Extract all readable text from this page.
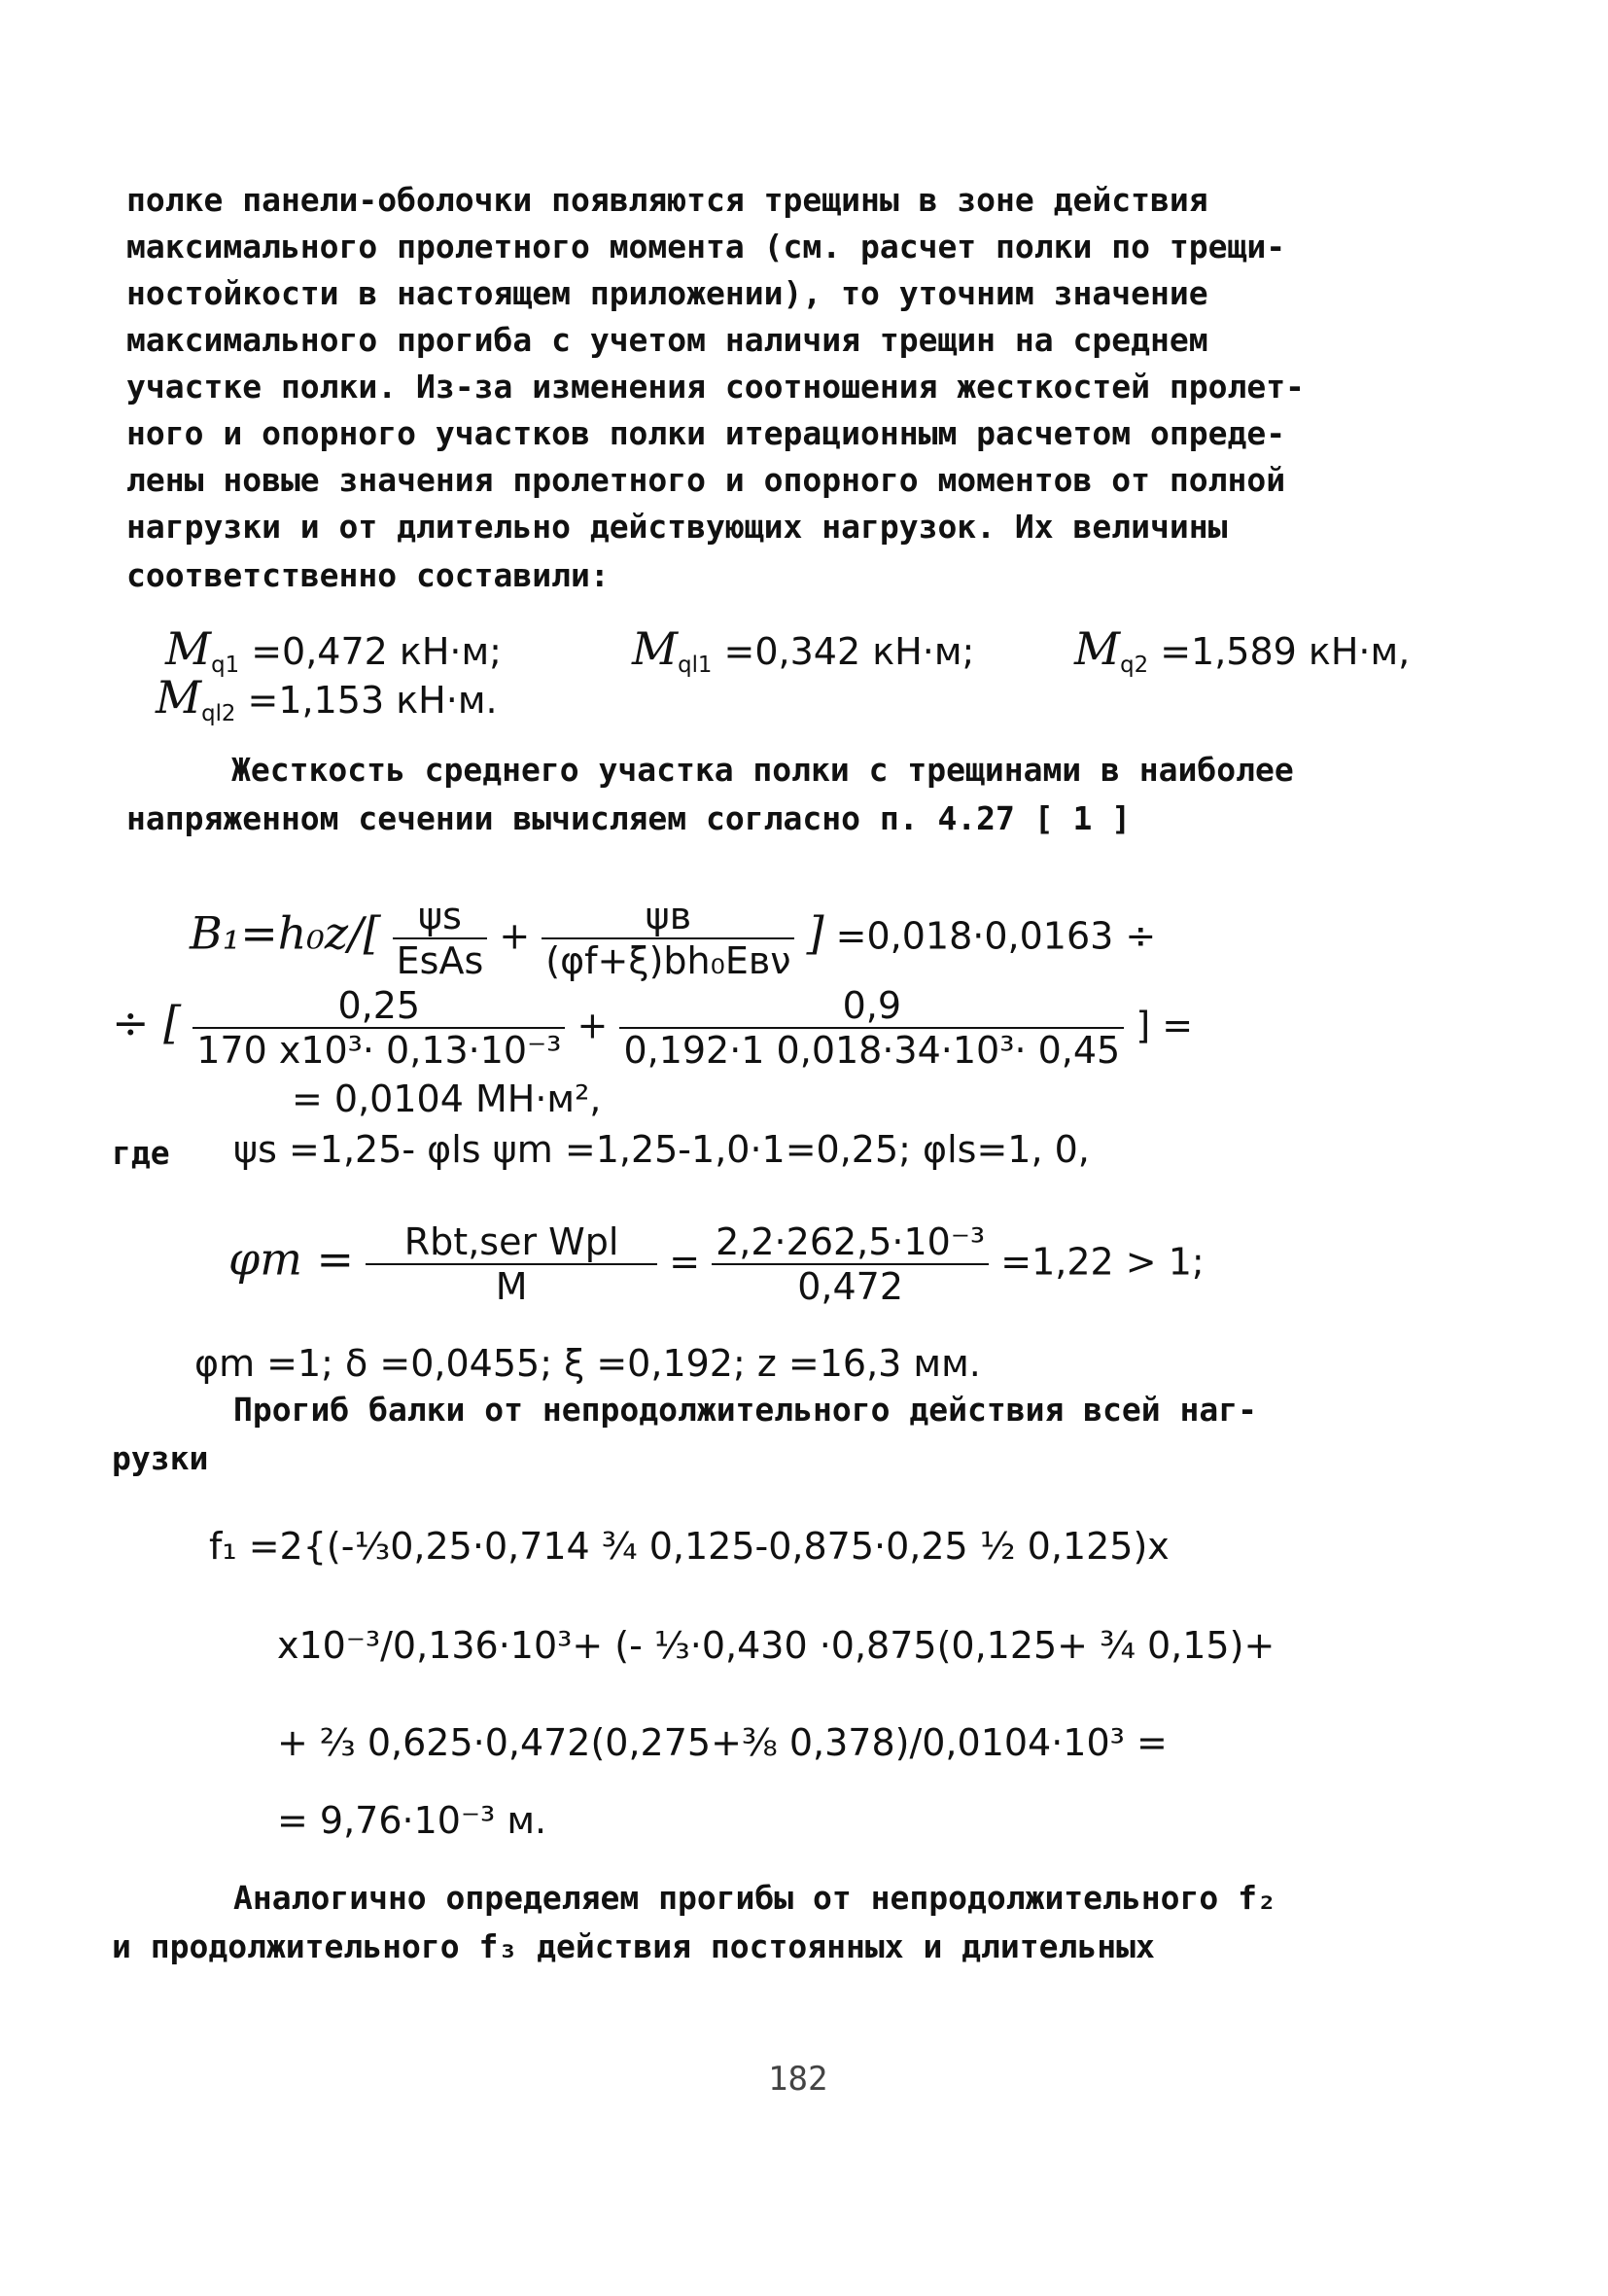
полке панели-оболочки появляются трещины в зоне действия
максимального пролетного момента (см. расчет полки по трещи-
ностойкости в настоящем приложении), то уточним значение
максимального прогиба с учетом наличия трещин на среднем
участке полки. Из-за изменения соотношения жесткостей пролет-
ного и опорного участков полки итерационным расчетом опреде-
лены новые значения пролетного и опорного моментов от полной
нагрузки и от длительно действующих нагрузок. Их величины
соответственно составили:
$M_{q1} =0,472$ кН·м;	$M_{ql1} =0,342$ кН·м; $M_{q2} =1,589$ кН·м,
$M_{ql2} =1,153$ кН·м.
Жесткость среднего участка полки с трещинами в наиболее
напряженном сечении вычисляем согласно п. 4.27 [ 1 ]
$B_1=h_0z/[ \frac{\psi s}{\text{EsAs}} + \frac{\psi в}{\text{(φf+ξ)bh₀Eвν}}$ ] =0,018·0,0163 ÷
÷ [ $\frac{0,25}{\text{170 x10³· 0,13·10⁻³}} + \frac{0,9}{\text{0,192·1 0,018·34·10³· 0,45}}$ ] =
= 0,0104 МН·м²,
где ψs =1,25- φls ψm =1,25-1,0·1=0,25; φls=1, 0,
$\varphi m = \frac{\text{Rbt,ser Wpl}}{M} = \frac{\text{2,2·262,5·10⁻³}}{0,472} =1,22 > 1$;
φm =1; δ =0,0455; ξ =0,192; z =16,3 мм.
Прогиб балки от непродолжительного действия всей наг-
рузки
f₁ =2{(-⅓0,25·0,714 ¾ 0,125-0,875·0,25 ½ 0,125)x
x10⁻³/0,136·10³+ (- ⅓·0,430 ·0,875(0,125+ ¾ 0,15)+
+ ⅔ 0,625·0,472(0,275+⅜ 0,378)/0,0104·10³ =
= 9,76·10⁻³ м.
Аналогично определяем прогибы от непродолжительного f₂
и продолжительного f₃ действия постоянных и длительных
182
